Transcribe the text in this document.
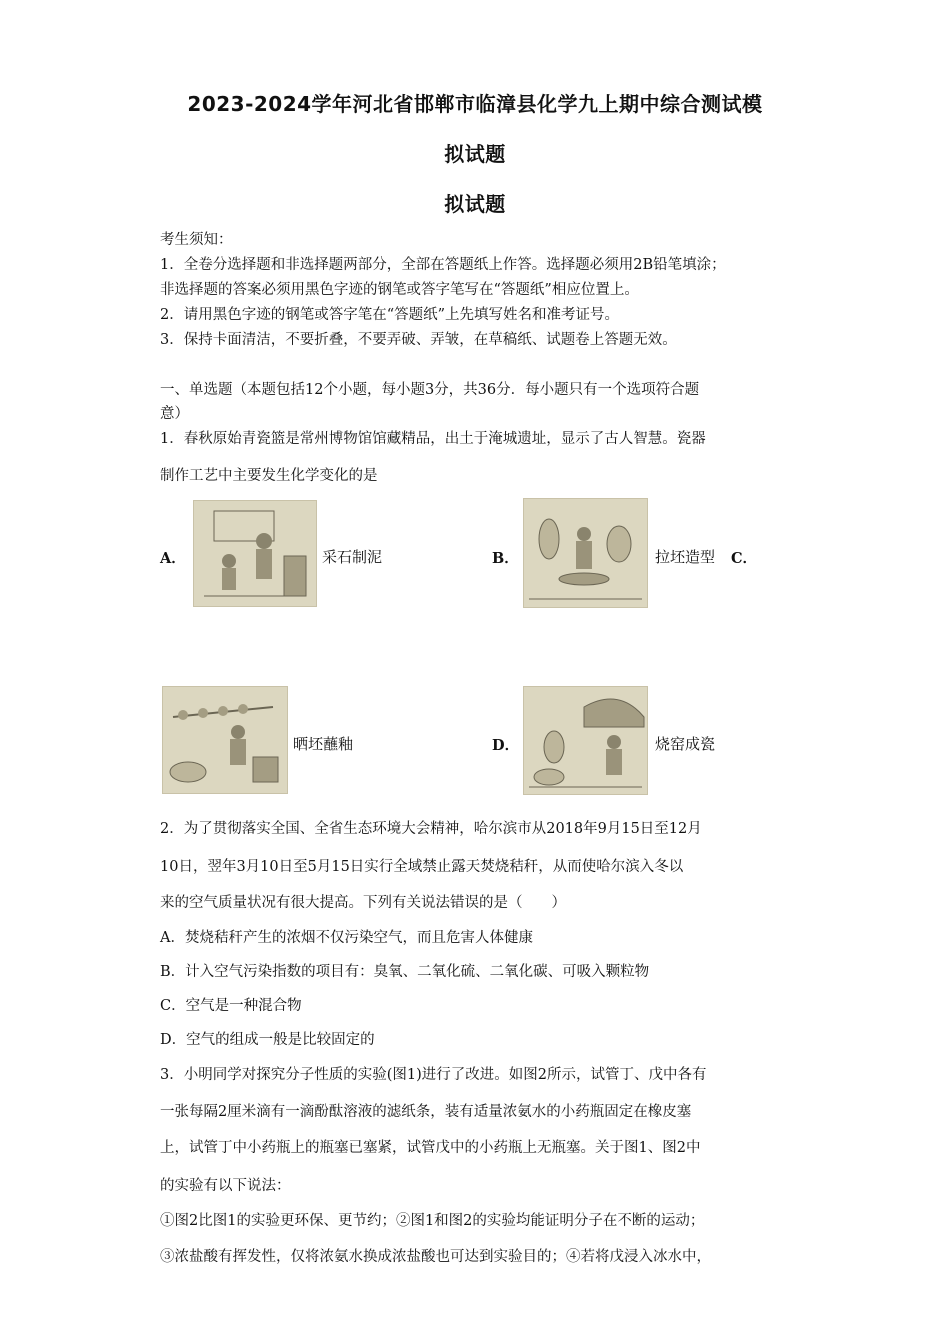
2023-2024学年河北省邯郸市临漳县化学九上期中综合测试模
拟试题
拟试题
考生须知：
1．全卷分选择题和非选择题两部分，全部在答题纸上作答。选择题必须用2B铅笔填涂；
非选择题的答案必须用黑色字迹的钢笔或答字笔写在“答题纸”相应位置上。
2．请用黑色字迹的钢笔或答字笔在“答题纸”上先填写姓名和准考证号。
3．保持卡面清洁，不要折叠，不要弄破、弄皱，在草稿纸、试题卷上答题无效。
一、单选题（本题包括12个小题，每小题3分，共36分．每小题只有一个选项符合题
意）
1．春秋原始青瓷篮是常州博物馆馆藏精品，出土于淹城遗址，显示了古人智慧。瓷器
制作工艺中主要发生化学变化的是
A．	采石制泥	B．	拉坯造型 C．
晒坯蘸釉	D．	烧窑成瓷
2．为了贯彻落实全国、全省生态环境大会精神，哈尔滨市从2018年9月15日至12月
10日，翌年3月10日至5月15日实行全域禁止露天焚烧秸秆，从而使哈尔滨入冬以
来的空气质量状况有很大提高。下列有关说法错误的是（　　）
A．焚烧秸秆产生的浓烟不仅污染空气，而且危害人体健康
B．计入空气污染指数的项目有：臭氧、二氧化硫、二氧化碳、可吸入颗粒物
C．空气是一种混合物
D．空气的组成一般是比较固定的
3．小明同学对探究分子性质的实验(图1)进行了改进。如图2所示，试管丁、戊中各有
一张每隔2厘米滴有一滴酚酞溶液的滤纸条，装有适量浓氨水的小药瓶固定在橡皮塞
上，试管丁中小药瓶上的瓶塞已塞紧，试管戊中的小药瓶上无瓶塞。关于图1、图2中
的实验有以下说法：
①图2比图1的实验更环保、更节约；②图1和图2的实验均能证明分子在不断的运动；
③浓盐酸有挥发性，仅将浓氨水换成浓盐酸也可达到实验目的；④若将戊浸入冰水中，
